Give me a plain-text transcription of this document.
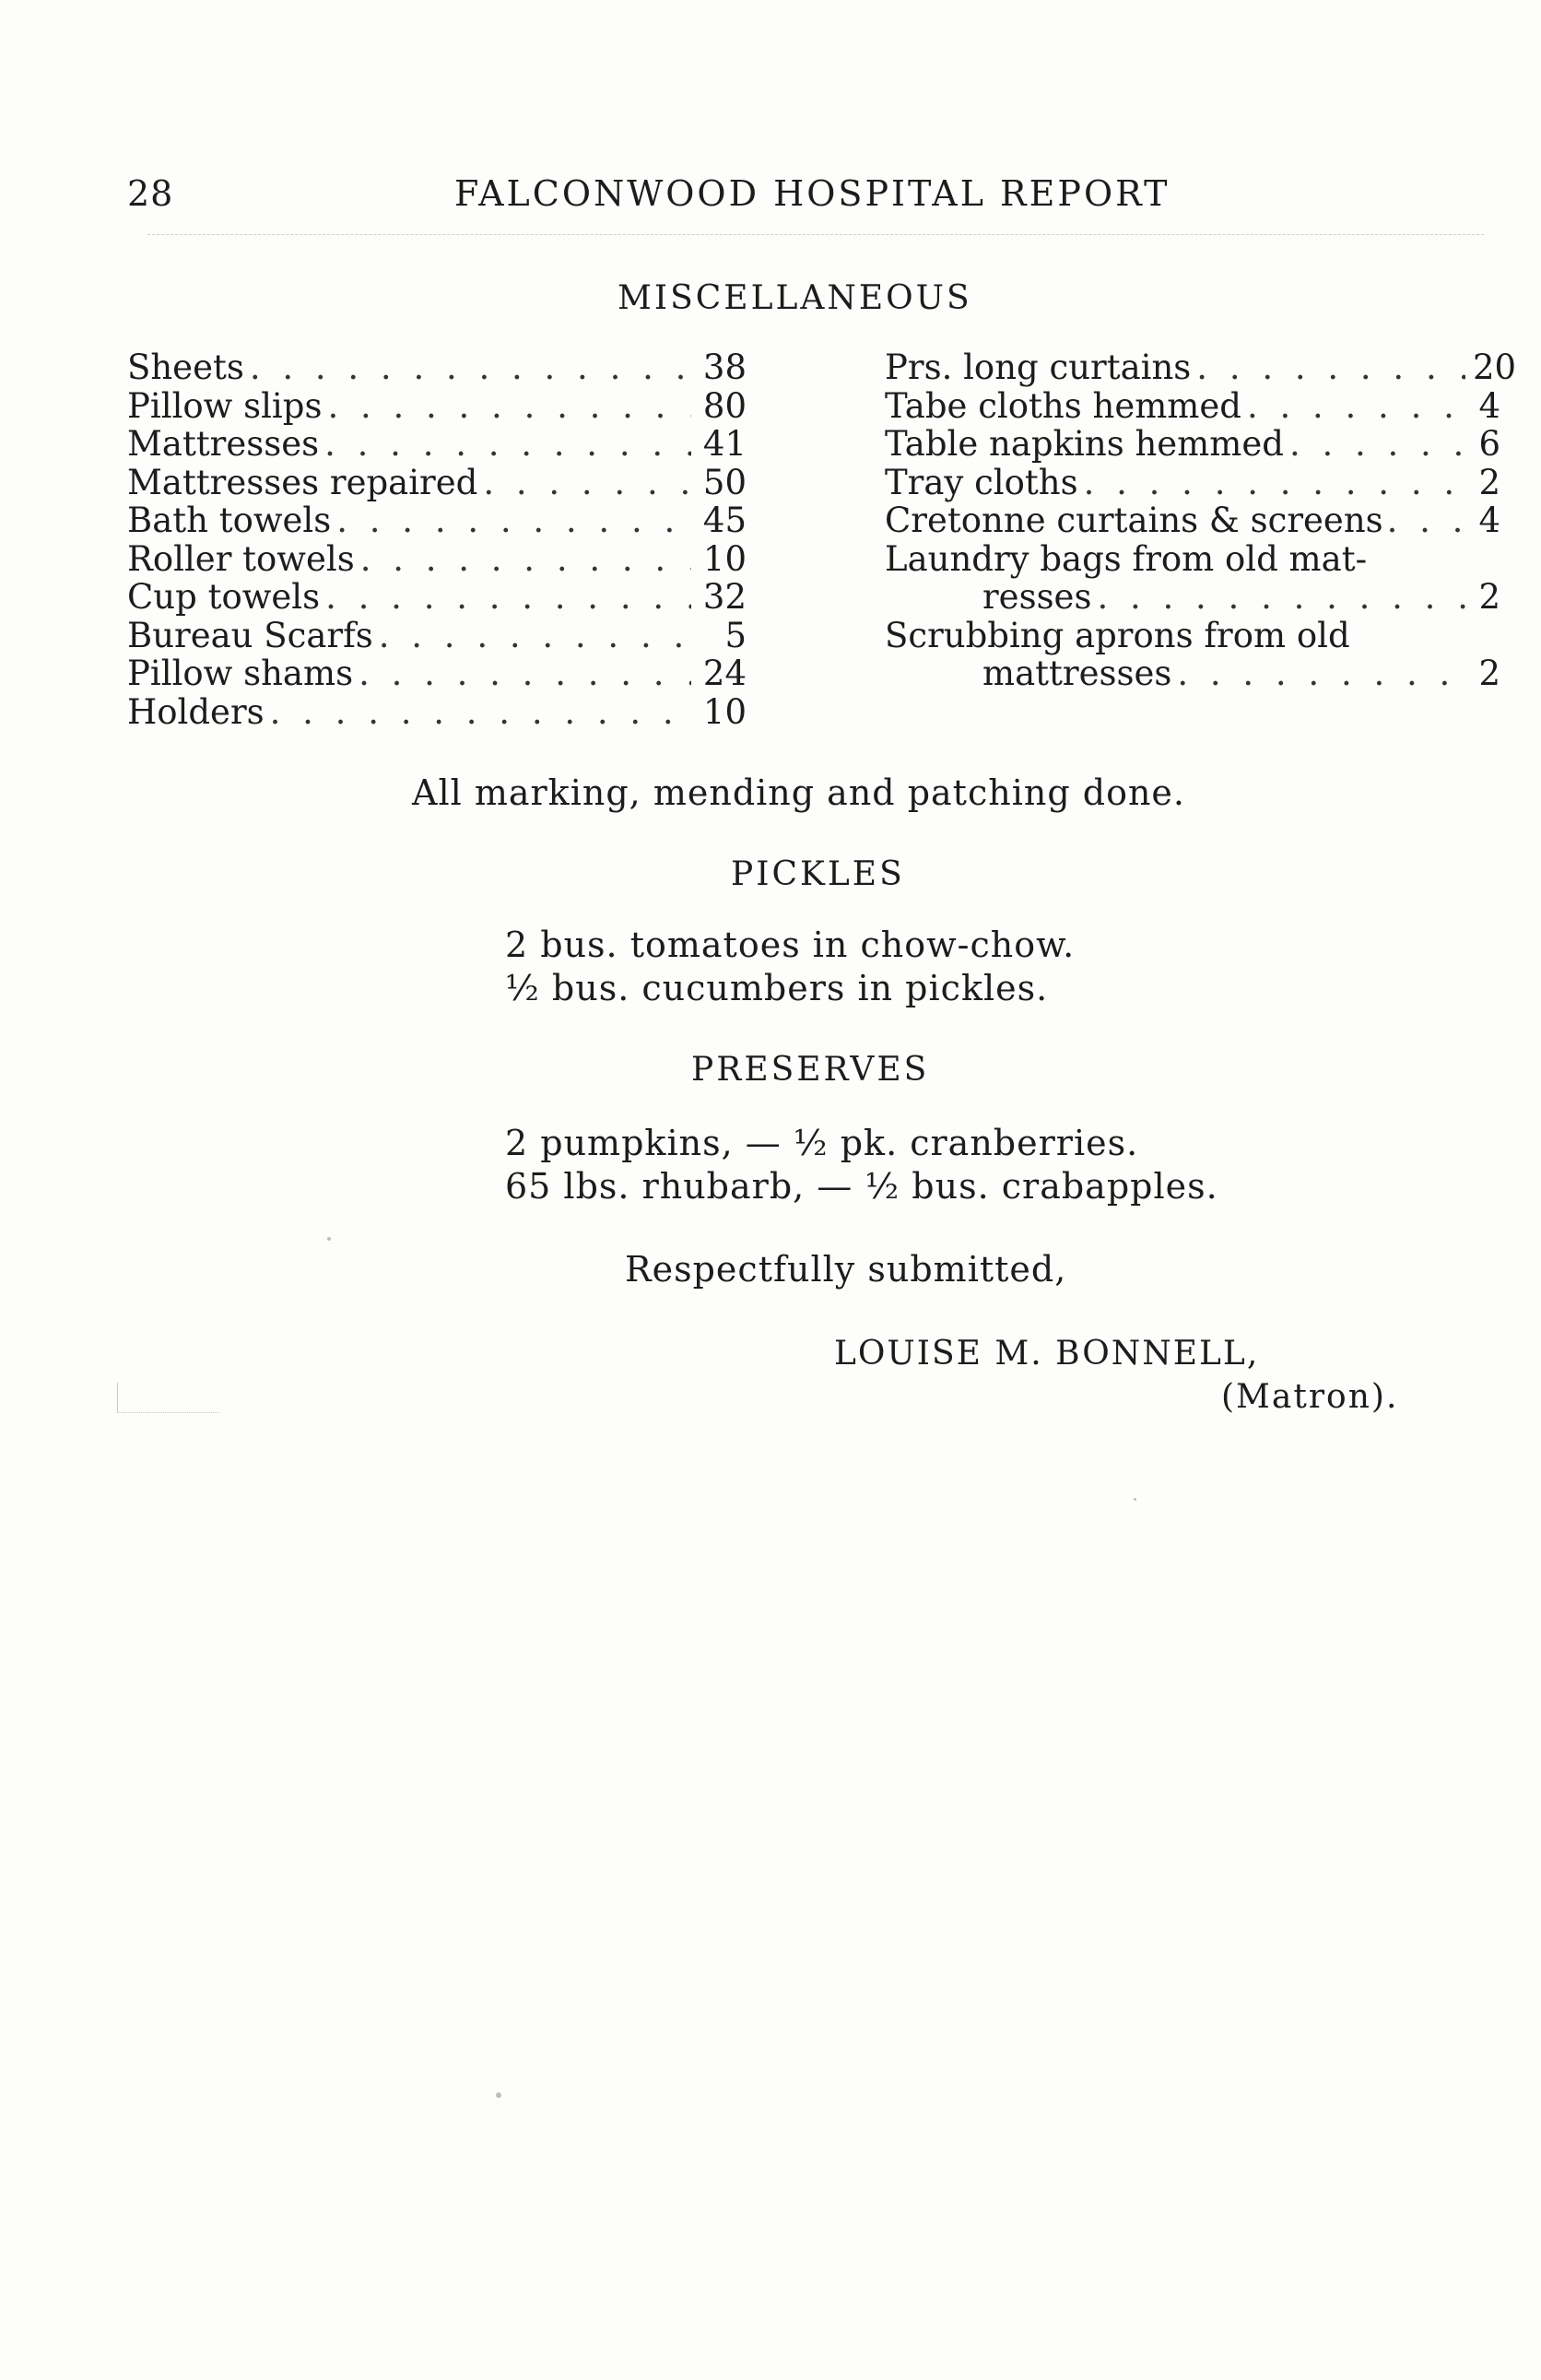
28	FALCONWOOD HOSPITAL REPORT
MISCELLANEOUS
Sheets . . .	38
Pillow slips . . .	80
Mattresses . . .	41
Mattresses repaired . . .	50
Bath towels . . .	45
Roller towels . . .	10
Cup towels . . .	32
Bureau Scarfs . . .	5
Pillow shams . . .	24
Holders . . .	10
Prs. long curtains . . .	20
Tabe cloths hemmed . . .	4
Table napkins hemmed . . .	6
Tray cloths . . .	2
Cretonne curtains & screens . . .	4
Laundry bags from old mat-
resses . . .	2
Scrubbing aprons from old
mattresses . . .	2
All marking, mending and patching done.
PICKLES
2 bus. tomatoes in chow-chow.
½ bus. cucumbers in pickles.
PRESERVES
2 pumpkins, — ½ pk. cranberries.
65 lbs. rhubarb, — ½ bus. crabapples.
Respectfully submitted,
LOUISE M. BONNELL,
(Matron).
